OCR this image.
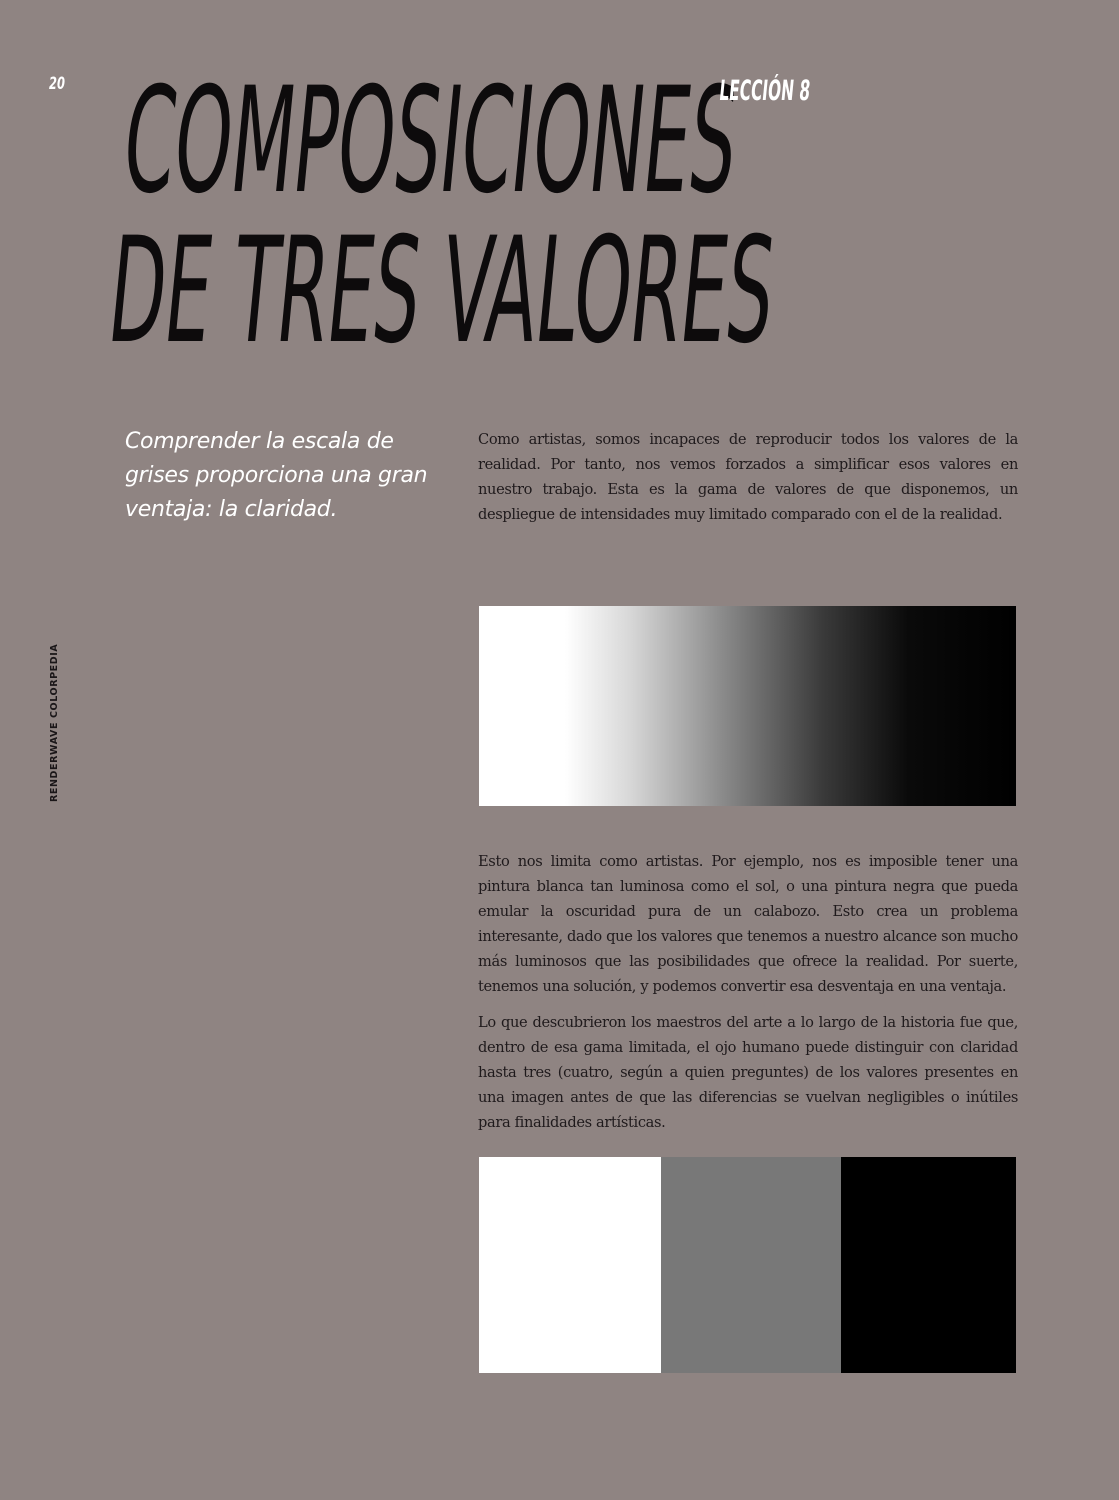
20 COMPOSICIONES
DE TRES VALORES
LECCIÓN 8

Comprender la escala de grises proporciona una gran ventaja: la claridad.

Como artistas, somos incapaces de reproducir todos los valores de la realidad. Por tanto, nos vemos forzados a simplificar esos valores en nuestro trabajo. Esta es la gama de valores de que disponemos, un despliegue de intensidades muy limitado comparado con el de la realidad.

Esto nos limita como artistas. Por ejemplo, nos es imposible tener una pintura blanca tan luminosa como el sol, o una pintura negra que pueda emular la oscuridad pura de un calabozo. Esto crea un problema interesante, dado que los valores que tenemos a nuestro alcance son mucho más luminosos que las posibilidades que ofrece la realidad. Por suerte, tenemos una solución, y podemos convertir esa desventaja en una ventaja.

Lo que descubrieron los maestros del arte a lo largo de la historia fue que, dentro de esa gama limitada, el ojo humano puede distinguir con claridad hasta tres (cuatro, según a quien preguntes) de los valores presentes en una imagen antes de que las diferencias se vuelvan negligibles o inútiles para finalidades artísticas.

RENDERWAVE COLORPEDIA
